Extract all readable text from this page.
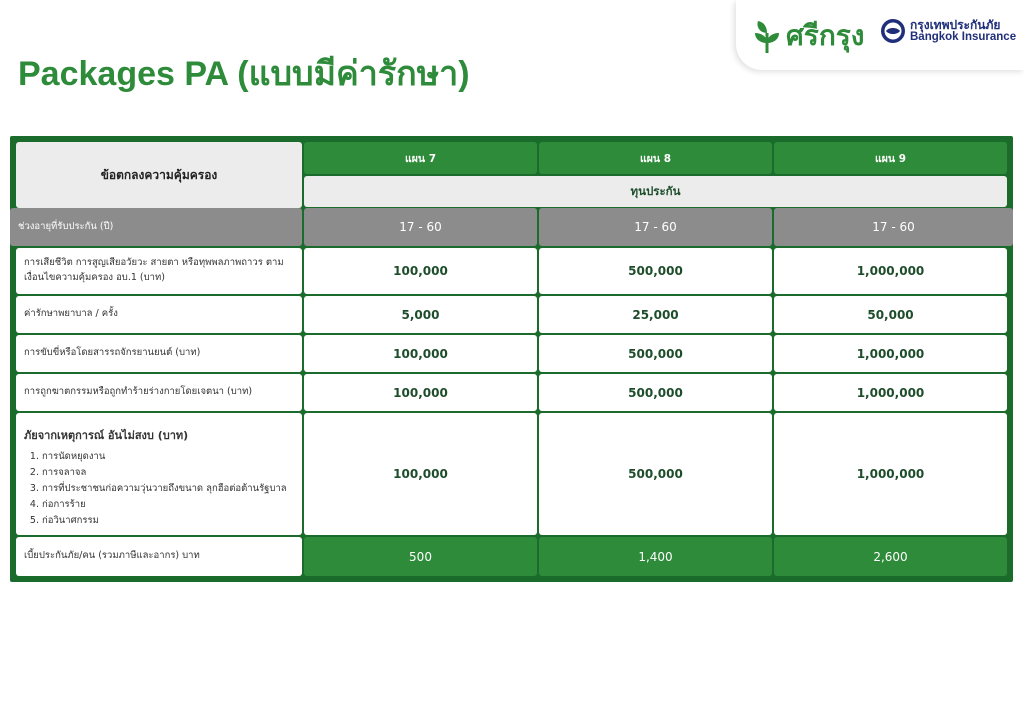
Packages PA (แบบมีค่ารักษา)
ศรีกรุง	กรุงเทพประกันภัย
Bangkok Insurance
ข้อตกลงความคุ้มครอง
แผน 7	แผน 8	แผน 9
ทุนประกัน
ช่วงอายุที่รับประกัน (ปี)	17 - 60	17 - 60	17 - 60
การเสียชีวิต การสูญเสียอวัยวะ สายตา หรือทุพพลภาพถาวร ตามเงื่อนไขความคุ้มครอง อบ.1 (บาท)	100,000	500,000	1,000,000
ค่ารักษาพยาบาล / ครั้ง	5,000	25,000	50,000
การขับขี่หรือโดยสารรถจักรยานยนต์ (บาท)	100,000	500,000	1,000,000
การถูกฆาตกรรมหรือถูกทำร้ายร่างกายโดยเจตนา (บาท)	100,000	500,000	1,000,000
ภัยจากเหตุการณ์ อันไม่สงบ (บาท)
1. การนัดหยุดงาน
2. การจลาจล
3. การที่ประชาชนก่อความวุ่นวายถึงขนาด ลุกฮือต่อต้านรัฐบาล
4. ก่อการร้าย
5. ก่อวินาศกรรม
100,000	500,000	1,000,000
เบี้ยประกันภัย/คน (รวมภาษีและอากร) บาท	500	1,400	2,600
